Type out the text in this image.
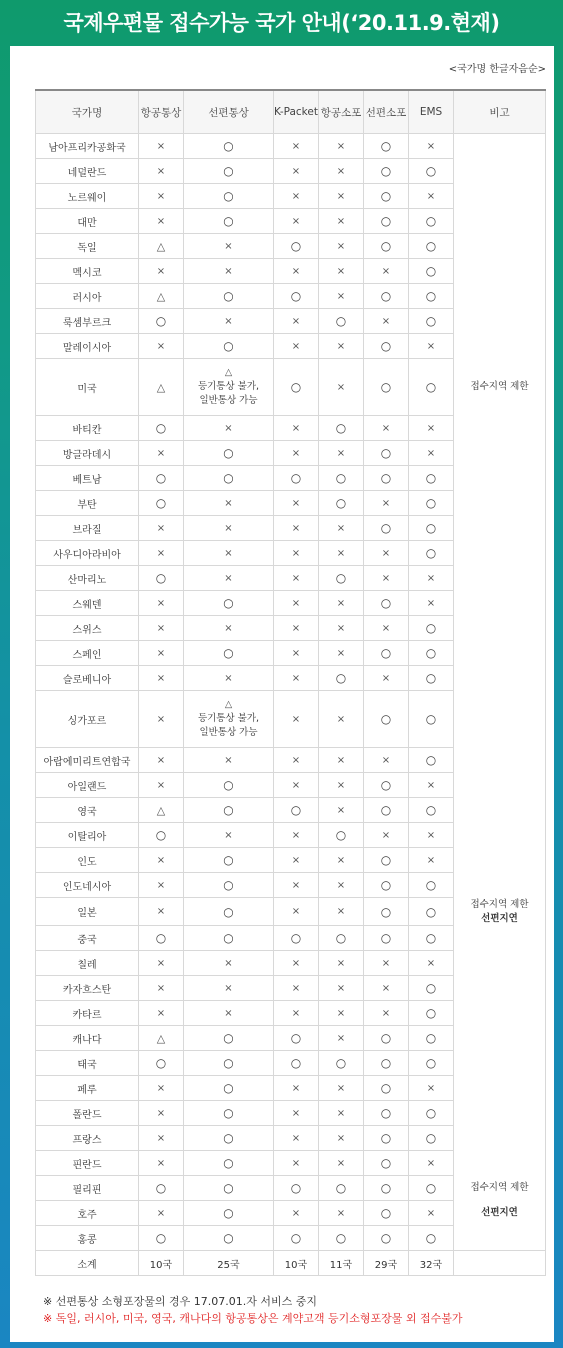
국제우편물 접수가능 국가 안내(‘20.11.9.현재)
<국가명 한글자음순>
국가명	항공통상	선편통상	K-Packet	항공소포	선편소포	EMS	비고
남아프리카공화국	×	○	×	×	○	×	
네덜란드	×	○	×	×	○	○	
노르웨이	×	○	×	×	○	×	
대만	×	○	×	×	○	○	
독일	△	×	○	×	○	○	
멕시코	×	×	×	×	×	○	
러시아	△	○	○	×	○	○	
룩셈부르크	○	×	×	○	×	○	
말레이시아	×	○	×	×	○	×	
미국	△	△
등기통상 불가,
일반통상 가능	○	×	○	○	접수지역 제한

바티칸	○	×	×	○	×	×	
방글라데시	×	○	×	×	○	×	
베트남	○	○	○	○	○	○	
부탄	○	×	×	○	×	○	
브라질	×	×	×	×	○	○	
사우디아라비아	×	×	×	×	×	○	
산마리노	○	×	×	○	×	×	
스웨덴	×	○	×	×	○	×	
스위스	×	×	×	×	×	○	
스페인	×	○	×	×	○	○	
슬로베니아	×	×	×	○	×	○	
싱가포르	×	△
등기통상 불가,
일반통상 가능	×	×	○	○	
아랍에미리트연합국	×	×	×	×	×	○	
아일랜드	×	○	×	×	○	×	
영국	△	○	○	×	○	○	
이탈리아	○	×	×	○	×	×	
인도	×	○	×	×	○	×	
인도네시아	×	○	×	×	○	○	
일본	×	○	×	×	○	○	접수지역 제한
선편지연

중국	○	○	○	○	○	○	
칠레	×	×	×	×	×	×	
카자흐스탄	×	×	×	×	×	○	
카타르	×	×	×	×	×	○	
캐나다	△	○	○	×	○	○	
태국	○	○	○	○	○	○	
페루	×	○	×	×	○	×	
폴란드	×	○	×	×	○	○	
프랑스	×	○	×	×	○	○	
핀란드	×	○	×	×	○	×	
필리핀	○	○	○	○	○	○	접수지역 제한

호주	×	○	×	×	○	×	선편지연

홍콩	○	○	○	○	○	○	
소계	10국	25국	10국	11국	29국	32국	
※ 선편통상 소형포장물의 경우 17.07.01.자 서비스 중지
※ 독일, 러시아, 미국, 영국, 캐나다의 항공통상은 계약고객 등기소형포장물 외 접수불가
